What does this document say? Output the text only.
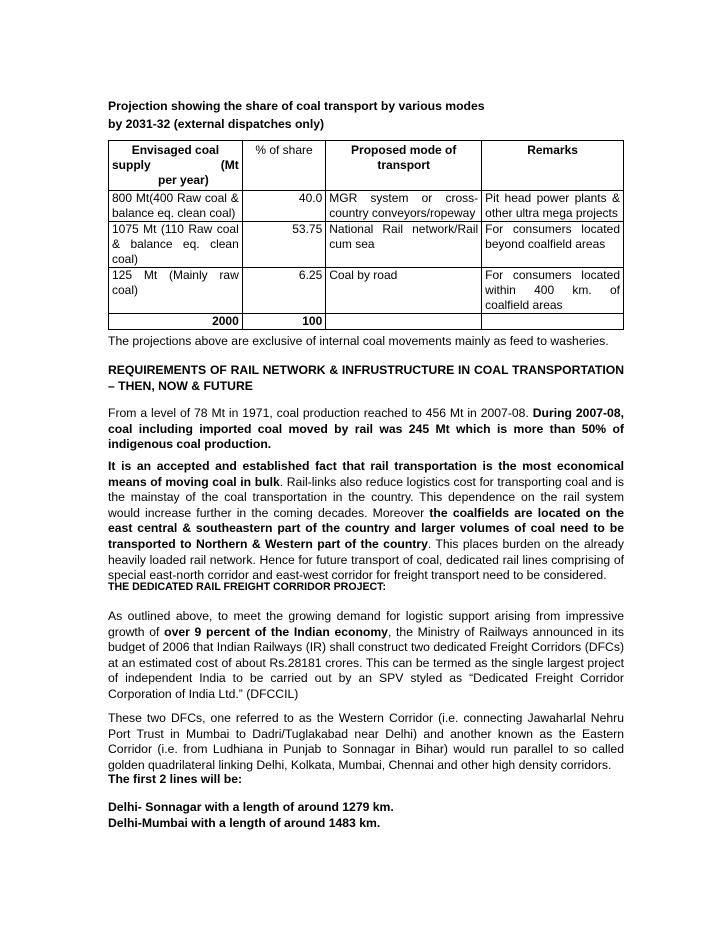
Projection showing the share of coal transport by various modes
by 2031-32 (external dispatches only)
Envisaged coal
supply (Mt
per year)	% of share	Proposed mode of transport	Remarks
800 Mt(400 Raw coal & balance eq. clean coal)	40.0	MGR system or cross-country conveyors/ropeway	Pit head power plants & other ultra mega projects
1075 Mt (110 Raw coal & balance eq. clean coal)	53.75	National Rail network/Rail cum sea	For consumers located beyond coalfield areas
125 Mt (Mainly raw coal)	6.25	Coal by road	For consumers located within 400 km. of coalfield areas
2000	100		

The projections above are exclusive of internal coal movements mainly as feed to washeries.

REQUIREMENTS OF RAIL NETWORK & INFRUSTRUCTURE IN COAL TRANSPORTATION – THEN, NOW & FUTURE

From a level of 78 Mt in 1971, coal production reached to 456 Mt in 2007-08. During 2007-08, coal including imported coal moved by rail was 245 Mt which is more than 50% of indigenous coal production.

It is an accepted and established fact that rail transportation is the most economical means of moving coal in bulk. Rail-links also reduce logistics cost for transporting coal and is the mainstay of the coal transportation in the country. This dependence on the rail system would increase further in the coming decades. Moreover the coalfields are located on the east central & southeastern part of the country and larger volumes of coal need to be transported to Northern & Western part of the country. This places burden on the already heavily loaded rail network. Hence for future transport of coal, dedicated rail lines comprising of special east-north corridor and east-west corridor for freight transport need to be considered.

THE DEDICATED RAIL FREIGHT CORRIDOR PROJECT:

As outlined above, to meet the growing demand for logistic support arising from impressive growth of over 9 percent of the Indian economy, the Ministry of Railways announced in its budget of 2006 that Indian Railways (IR) shall construct two dedicated Freight Corridors (DFCs) at an estimated cost of about Rs.28181 crores. This can be termed as the single largest project of independent India to be carried out by an SPV styled as “Dedicated Freight Corridor Corporation of India Ltd.” (DFCCIL)

These two DFCs, one referred to as the Western Corridor (i.e. connecting Jawaharlal Nehru Port Trust in Mumbai to Dadri/Tuglakabad near Delhi) and another known as the Eastern Corridor (i.e. from Ludhiana in Punjab to Sonnagar in Bihar) would run parallel to so called golden quadrilateral linking Delhi, Kolkata, Mumbai, Chennai and other high density corridors.

The first 2 lines will be:

Delhi- Sonnagar with a length of around 1279 km.
Delhi-Mumbai with a length of around 1483 km.
